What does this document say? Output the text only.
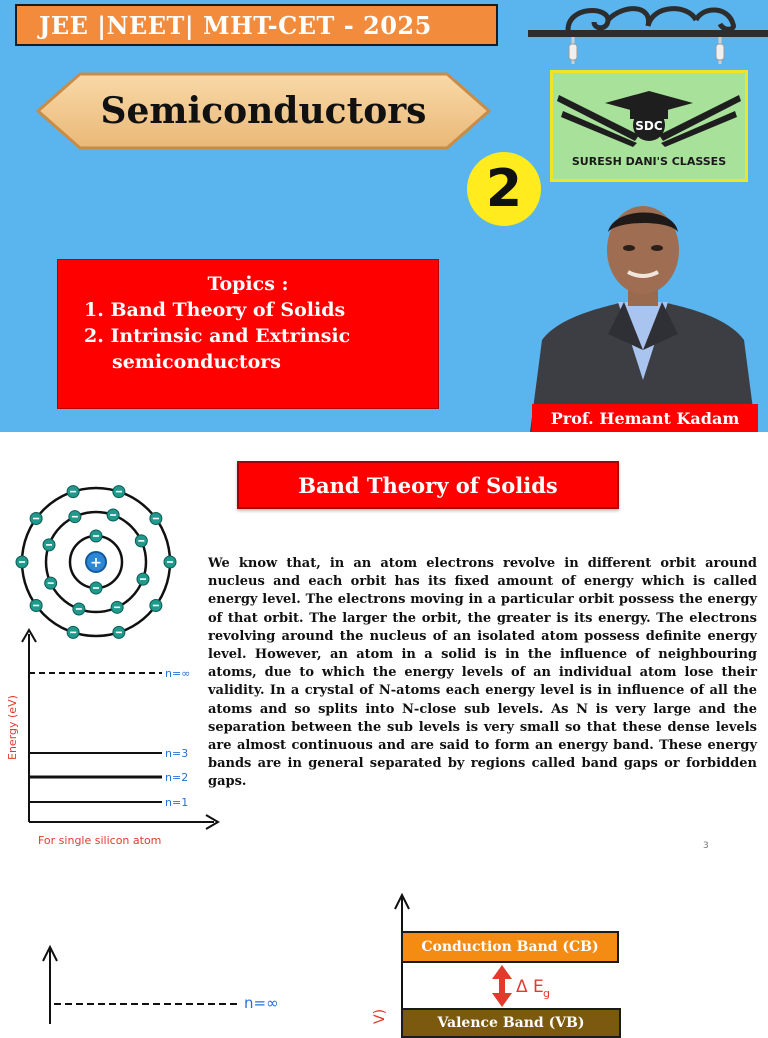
JEE |NEET| MHT-CET - 2025
Semiconductors	SDC
SURESH DANI'S CLASSES
2
Topics :
1. Band Theory of Solids
2. Intrinsic and Extrinsic
semiconductors
Prof. Hemant Kadam
Band Theory of Solids
+
Energy (eV)
n=∞
n=3
n=2
n=1
For single silicon atom
We know that, in an atom electrons revolve in different orbit around nucleus and each orbit has its fixed amount of energy which is called energy level. The electrons moving in a particular orbit possess the energy of that orbit. The larger the orbit, the greater is its energy. The electrons revolving around the nucleus of an isolated atom possess definite energy level. However, an atom in a solid is in the influence of neighbouring atoms, due to which the energy levels of an individual atom lose their validity. In a crystal of N-atoms each energy level is in influence of all the atoms and so splits into N-close sub levels. As N is very large and the separation between the sub levels is very small so that these dense levels are almost continuous and are said to form an energy band. These energy bands are in general separated by regions called band gaps or forbidden gaps.
3
n=∞
V)
Δ E g
Conduction Band (CB)
Valence Band (VB)
